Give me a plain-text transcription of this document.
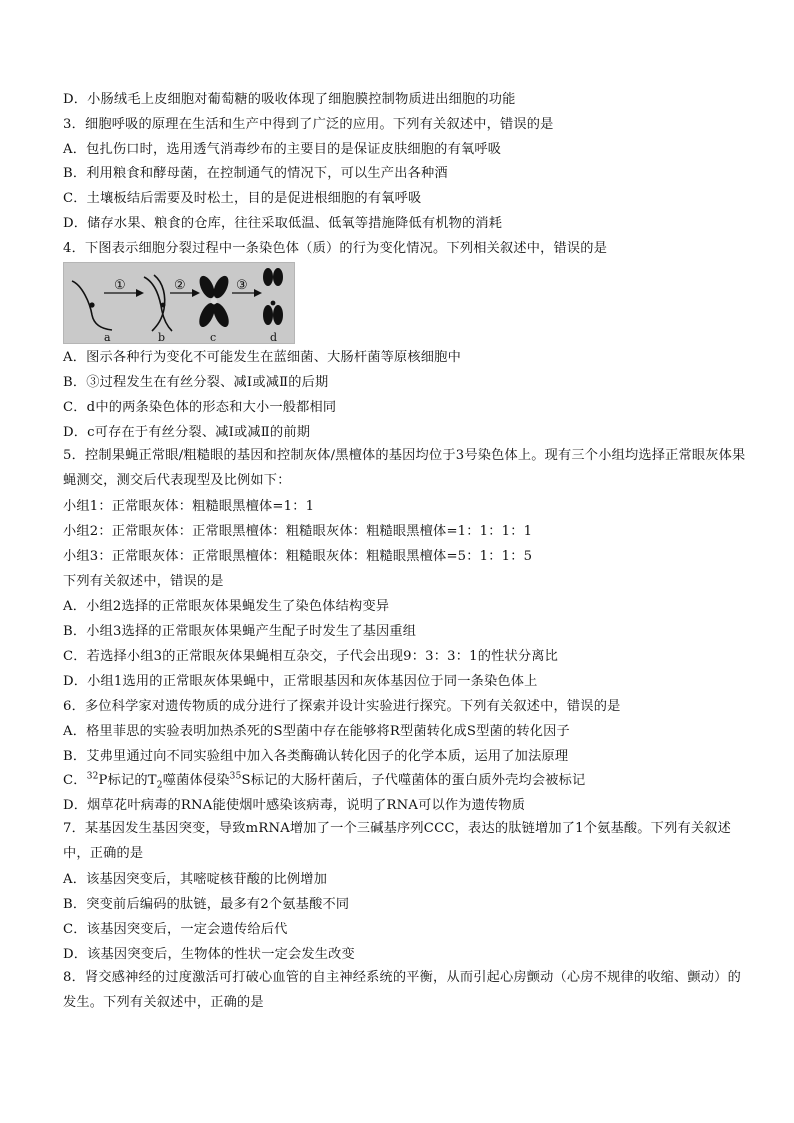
D．小肠绒毛上皮细胞对葡萄糖的吸收体现了细胞膜控制物质进出细胞的功能
3．细胞呼吸的原理在生活和生产中得到了广泛的应用。下列有关叙述中，错误的是
A．包扎伤口时，选用透气消毒纱布的主要目的是保证皮肤细胞的有氧呼吸
B．利用粮食和酵母菌，在控制通气的情况下，可以生产出各种酒
C．土壤板结后需要及时松土，目的是促进根细胞的有氧呼吸
D．储存水果、粮食的仓库，往往采取低温、低氧等措施降低有机物的消耗
4．下图表示细胞分裂过程中一条染色体（质）的行为变化情况。下列相关叙述中，错误的是
①	②	③
a	b	c	d
A．图示各种行为变化不可能发生在蓝细菌、大肠杆菌等原核细胞中
B．③过程发生在有丝分裂、减Ⅰ或减Ⅱ的后期
C．d中的两条染色体的形态和大小一般都相同
D．c可存在于有丝分裂、减Ⅰ或减Ⅱ的前期
5．控制果蝇正常眼/粗糙眼的基因和控制灰体/黑檀体的基因均位于3号染色体上。现有三个小组均选择正常眼灰体果蝇测交，测交后代表现型及比例如下：
小组1：正常眼灰体：粗糙眼黑檀体=1：1
小组2：正常眼灰体：正常眼黑檀体：粗糙眼灰体：粗糙眼黑檀体=1：1：1：1
小组3：正常眼灰体：正常眼黑檀体：粗糙眼灰体：粗糙眼黑檀体=5：1：1：5
下列有关叙述中，错误的是
A．小组2选择的正常眼灰体果蝇发生了染色体结构变异
B．小组3选择的正常眼灰体果蝇产生配子时发生了基因重组
C．若选择小组3的正常眼灰体果蝇相互杂交，子代会出现9：3：3：1的性状分离比
D．小组1选用的正常眼灰体果蝇中，正常眼基因和灰体基因位于同一条染色体上
6．多位科学家对遗传物质的成分进行了探索并设计实验进行探究。下列有关叙述中，错误的是
A．格里菲思的实验表明加热杀死的S型菌中存在能够将R型菌转化成S型菌的转化因子
B．艾弗里通过向不同实验组中加入各类酶确认转化因子的化学本质，运用了加法原理
C．$^{32}$P标记的$T_2$噬菌体侵染$^{35}$S标记的大肠杆菌后，子代噬菌体的蛋白质外壳均会被标记
D．烟草花叶病毒的RNA能使烟叶感染该病毒，说明了RNA可以作为遗传物质
7．某基因发生基因突变，导致mRNA增加了一个三碱基序列CCC，表达的肽链增加了1个氨基酸。下列有关叙述中，正确的是
A．该基因突变后，其嘧啶核苷酸的比例增加
B．突变前后编码的肽链，最多有2个氨基酸不同
C．该基因突变后，一定会遗传给后代
D．该基因突变后，生物体的性状一定会发生改变
8．肾交感神经的过度激活可打破心血管的自主神经系统的平衡，从而引起心房颤动（心房不规律的收缩、颤动）的发生。下列有关叙述中，正确的是
